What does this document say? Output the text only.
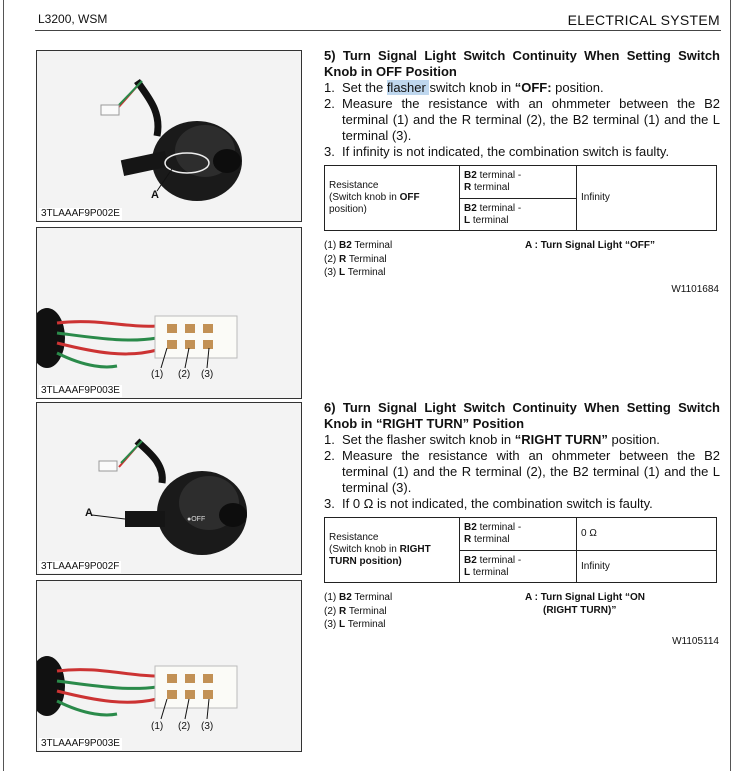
L3200, WSM	ELECTRICAL SYSTEM
A
3TLAAAF9P002E
(1) (2) (3)
3TLAAAF9P003E
A
●OFF
3TLAAAF9P002F
(1) (2) (3)
3TLAAAF9P003E
5) Turn Signal Light Switch Continuity When Setting Switch Knob in OFF Position
1. Set the flasher switch knob in “OFF: position.
2. Measure the resistance with an ohmmeter between the B2 terminal (1) and the R terminal (2), the B2 terminal (1) and the L terminal (3).
3. If infinity is not indicated, the combination switch is faulty.
Resistance
(Switch knob in OFF
position)	B2 terminal -
R terminal	Infinity
B2 terminal -
L terminal
(1) B2 Terminal
(2) R Terminal
(3) L Terminal
A : Turn Signal Light “OFF”
W1101684
6) Turn Signal Light Switch Continuity When Setting Switch Knob in “RIGHT TURN” Position
1. Set the flasher switch knob in “RIGHT TURN” position.
2. Measure the resistance with an ohmmeter between the B2 terminal (1) and the R terminal (2), the B2 terminal (1) and the L terminal (3).
3. If 0 Ω is not indicated, the combination switch is faulty.
Resistance
(Switch knob in RIGHT
TURN position)	B2 terminal -
R terminal	0 Ω
	B2 terminal -
L terminal	Infinity
(1) B2 Terminal
(2) R Terminal
(3) L Terminal
A : Turn Signal Light “ON
(RIGHT TURN)”
W1105114
